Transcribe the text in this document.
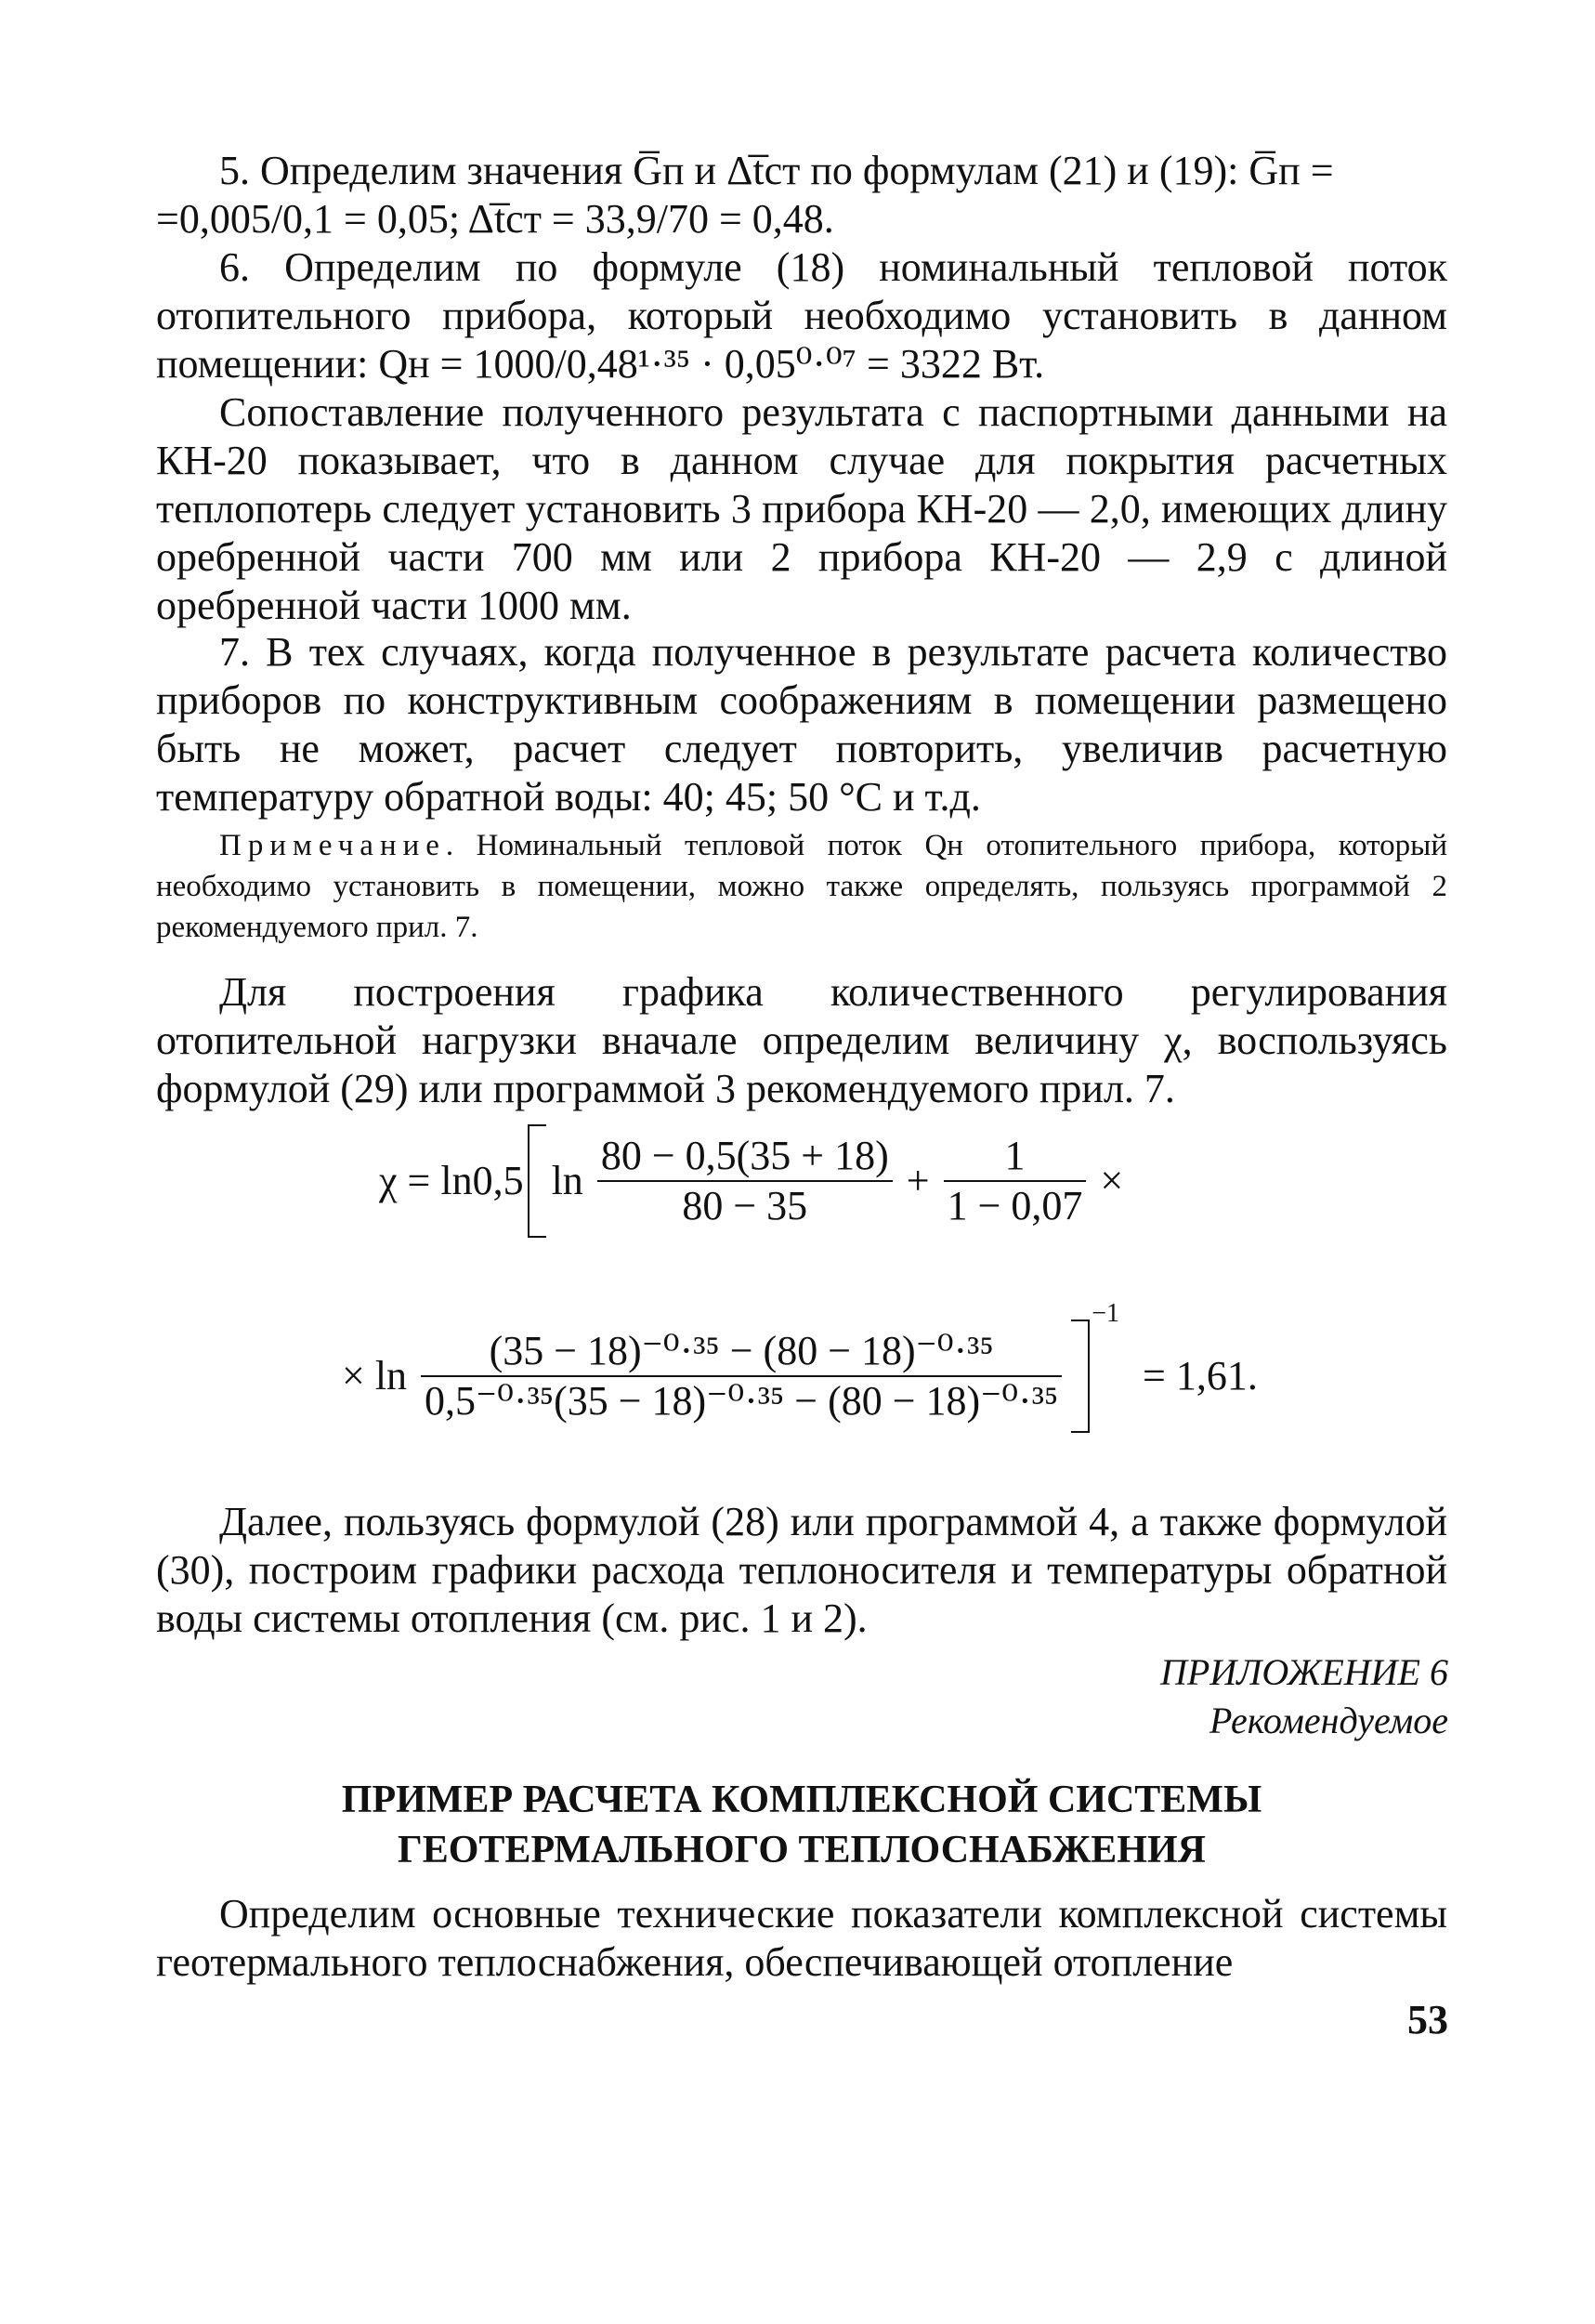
5. Определим значения G̅п и Δt̅ст по формулам (21) и (19): G̅п =
=0,005/0,1 = 0,05; Δt̅ст = 33,9/70 = 0,48.
6. Определим по формуле (18) номинальный тепловой поток отопительного прибора, который необходимо установить в данном помещении: Qн = 1000/0,48¹·³⁵ · 0,05⁰·⁰⁷ = 3322 Вт.
Сопоставление полученного результата с паспортными данными на КН-20 показывает, что в данном случае для покрытия расчетных теплопотерь следует установить 3 прибора КН-20 — 2,0, имеющих длину оребренной части 700 мм или 2 прибора КН-20 — 2,9 с длиной оребренной части 1000 мм.
7. В тех случаях, когда полученное в результате расчета количество приборов по конструктивным соображениям в помещении размещено быть не может, расчет следует повторить, увеличив расчетную температуру обратной воды: 40; 45; 50 °С и т.д.
Примечание. Номинальный тепловой поток Qн отопительного прибора, который необходимо установить в помещении, можно также определять, пользуясь программой 2 рекомендуемого прил. 7.
Для построения графика количественного регулирования отопительной нагрузки вначале определим величину χ, воспользуясь формулой (29) или программой 3 рекомендуемого прил. 7.
χ = ln0,5 $\ln \frac{80 - 0,5(35 + 18)}{80 - 35} + \frac{1}{1 - 0,07}$ ×
× $\ln \frac{\text{(35 − 18)⁻⁰·³⁵ − (80 − 18)⁻⁰·³⁵}}{\text{0,5⁻⁰·³⁵(35 − 18)⁻⁰·³⁵ − (80 − 18)⁻⁰·³⁵}}$
$^{-1}$ = 1,61.
Далее, пользуясь формулой (28) или программой 4, а также формулой (30), построим графики расхода теплоносителя и температуры обратной воды системы отопления (см. рис. 1 и 2).
ПРИЛОЖЕНИЕ 6
Рекомендуемое
ПРИМЕР РАСЧЕТА КОМПЛЕКСНОЙ СИСТЕМЫ
ГЕОТЕРМАЛЬНОГО ТЕПЛОСНАБЖЕНИЯ
Определим основные технические показатели комплексной системы геотермального теплоснабжения, обеспечивающей отопление
53
